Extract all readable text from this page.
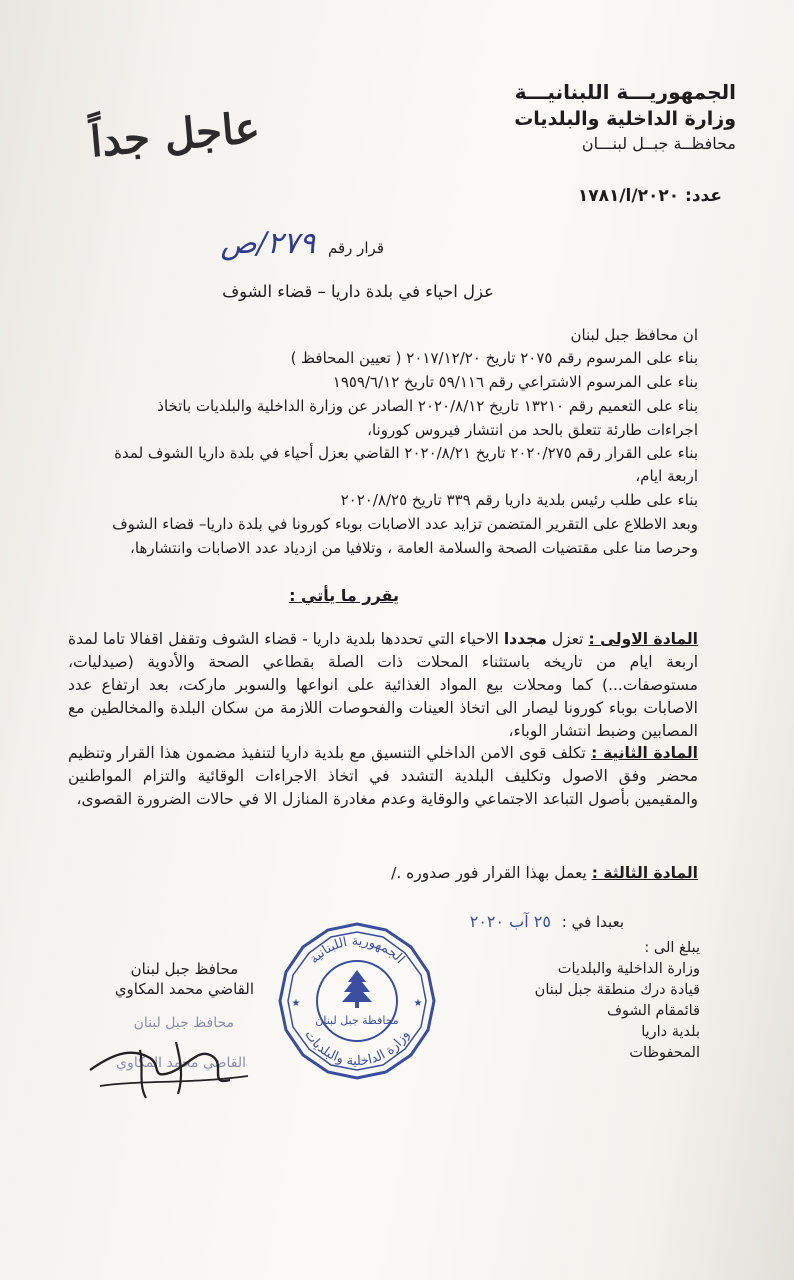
الجمهوريـــة اللبنانيـــة
وزارة الداخلية والبلديات
محافظــة جبــل لبنـــان
عاجل جداً
عدد: ٢٠٢٠/ا/١٧٨١
قرار رقم ٢٧٩/ص
عزل احياء في بلدة داريا – قضاء الشوف
ان محافظ جبل لبنان
بناء على المرسوم رقم ٢٠٧٥ تاريخ ٢٠١٧/١٢/٢٠ ( تعيين المحافظ )
بناء على المرسوم الاشتراعي رقم ٥٩/١١٦ تاريخ ١٩٥٩/٦/١٢
بناء على التعميم رقم ١٣٢١٠ تاريخ ٢٠٢٠/٨/١٢ الصادر عن وزارة الداخلية والبلديات باتخاذ
اجراءات طارئة تتعلق بالحد من انتشار فيروس كورونا،
بناء على القرار رقم ٢٠٢٠/٢٧٥ تاريخ ٢٠٢٠/٨/٢١ القاضي بعزل أحياء في بلدة داريا الشوف لمدة
اربعة ايام،
بناء على طلب رئيس بلدية داريا رقم ٣٣٩ تاريخ ٢٠٢٠/٨/٢٥
وبعد الاطلاع على التقرير المتضمن تزايد عدد الاصابات بوباء كورونا في بلدة داريا– قضاء الشوف
وحرصا منا على مقتضيات الصحة والسلامة العامة ، وتلافيا من ازدياد عدد الاصابات وانتشارها،
يقرر ما يأتي :
المادة الاولى : تعزل مجددا الاحياء التي تحددها بلدية داريا - قضاء الشوف وتقفل اقفالا تاما لمدة اربعة ايام من تاريخه باستثناء المحلات ذات الصلة بقطاعي الصحة والأدوية (صيدليات، مستوصفات...) كما ومحلات بيع المواد الغذائية على انواعها والسوبر ماركت، بعد ارتفاع عدد الاصابات بوباء كورونا ليصار الى اتخاذ العينات والفحوصات اللازمة من سكان البلدة والمخالطين مع المصابين وضبط انتشار الوباء،
المادة الثانية : تكلف قوى الامن الداخلي التنسيق مع بلدية داريا لتنفيذ مضمون هذا القرار وتنظيم محضر وفق الاصول وتكليف البلدية التشدد في اتخاذ الاجراءات الوقائية والتزام المواطنين والمقيمين بأصول التباعد الاجتماعي والوقاية وعدم مغادرة المنازل الا في حالات الضرورة القصوى،
المادة الثالثة : يعمل بهذا القرار فور صدوره ./
بعبدا في : ٢٥ آب ٢٠٢٠
يبلغ الى :
وزارة الداخلية والبلديات
قيادة درك منطقة جبل لبنان
قائمقام الشوف
بلدية داريا
المحفوظات
الجمهورية اللبنانية
وزارة الداخلية والبلديات
محافظة جبل لبنان
★	★
محافظ جبل لبنان
القاضي محمد المكاوي
محافظ جبل لبنان
القاضي محمد المكاوي
